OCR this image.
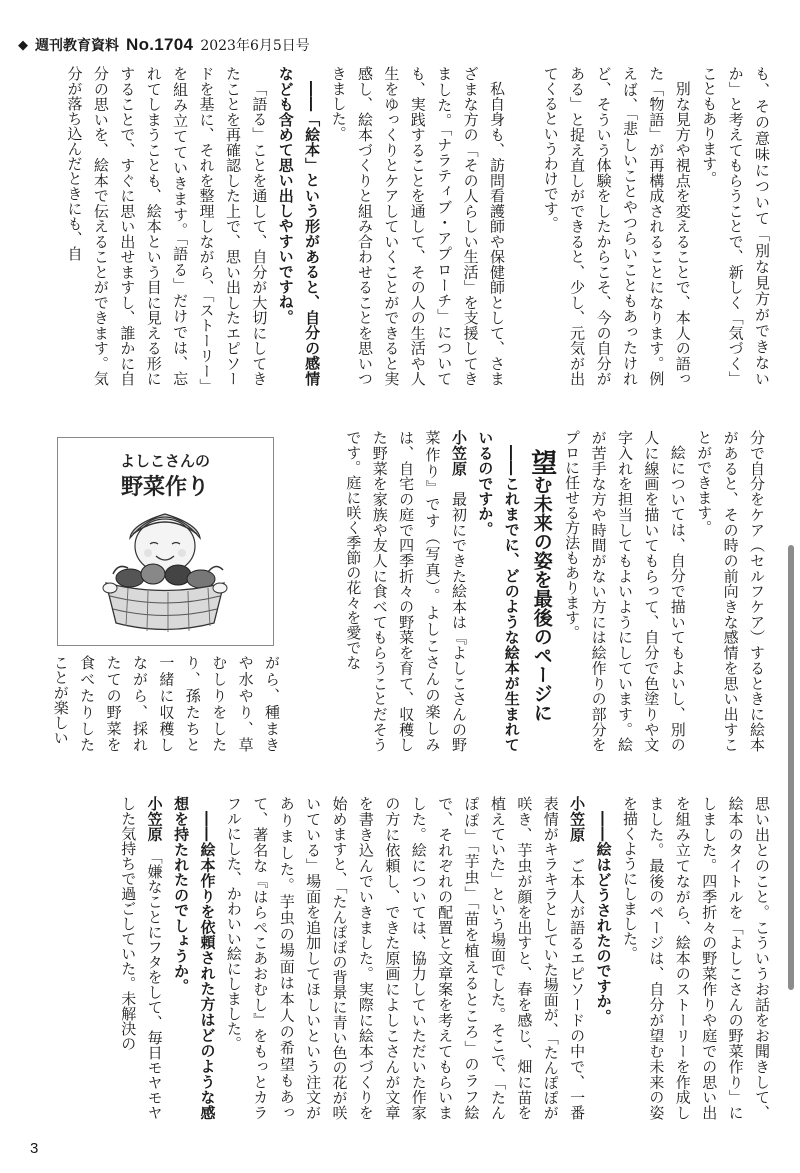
◆ 週刊教育資料 No.1704 2023年6月5日号

も、その意味について「別な見方ができないか」と考えてもらうことで、新しく「気づく」こともあります。

別な見方や視点を変えることで、本人の語った「物語」が再構成されることになります。例えば、「悲しいことやつらいこともあったけれど、そういう体験をしたからこそ、今の自分がある」と捉え直しができると、少し、元気が出てくるというわけです。

私自身も、訪問看護師や保健師として、さまざまな方の「その人らしい生活」を支援してきました。「ナラティブ・アプローチ」についても、実践することを通して、その人の生活や人生をゆっくりとケアしていくことができると実感し、絵本づくりと組み合わせることを思いつきました。

――「絵本」という形があると、自分の感情なども含めて思い出しやすいですね。

「語る」ことを通して、自分が大切にしてきたことを再確認した上で、思い出したエピソードを基に、それを整理しながら、「ストーリー」を組み立てていきます。「語る」だけでは、忘れてしまうことも、絵本という目に見える形にすることで、すぐに思い出せますし、誰かに自分の思いを、絵本で伝えることができます。気分が落ち込んだときにも、自

分で自分をケア（セルフケア）するときに絵本があると、その時の前向きな感情を思い出すことができます。

絵については、自分で描いてもよいし、別の人に線画を描いてもらって、自分で色塗りや文字入れを担当してもよいようにしています。絵が苦手な方や時間がない方には絵作りの部分をプロに任せる方法もあります。

望む未来の姿を最後のページに

――これまでに、どのような絵本が生まれているのですか。

小笠原　最初にできた絵本は『よしこさんの野菜作り』です（写真）。よしこさんの楽しみは、自宅の庭で四季折々の野菜を育て、収穫した野菜を家族や友人に食べてもらうことだそうです。庭に咲く季節の花々を愛でな

よしこさんの
野菜作り

がら、種まきや水やり、草むしりをしたり、孫たちと一緒に収穫しながら、採れたての野菜を食べたりしたことが楽しい

思い出とのこと。こういうお話をお聞きして、絵本のタイトルを「よしこさんの野菜作り」にしました。四季折々の野菜作りや庭での思い出を組み立てながら、絵本のストーリーを作成しました。最後のページは、自分が望む未来の姿を描くようにしました。

――絵はどうされたのですか。

小笠原　ご本人が語るエピソードの中で、一番表情がキラキラとしていた場面が、「たんぽぽが咲き、芋虫が顔を出すと、春を感じ、畑に苗を植えていた」という場面でした。そこで、「たんぽぽ」「芋虫」「苗を植えるところ」のラフ絵で、それぞれの配置と文章案を考えてもらいました。絵については、協力していただいた作家の方に依頼し、できた原画によしこさんが文章を書き込んでいきました。実際に絵本づくりを始めますと、「たんぽぽの背景に青い色の花が咲いている」場面を追加してほしいという注文がありました。芋虫の場面は本人の希望もあって、著名な『はらぺこあおむし』をもっとカラフルにした、かわいい絵にしました。

――絵本作りを依頼された方はどのような感想を持たれたのでしょうか。

小笠原　「嫌なことにフタをして、毎日モヤモヤした気持ちで過ごしていた。未解決の

3
